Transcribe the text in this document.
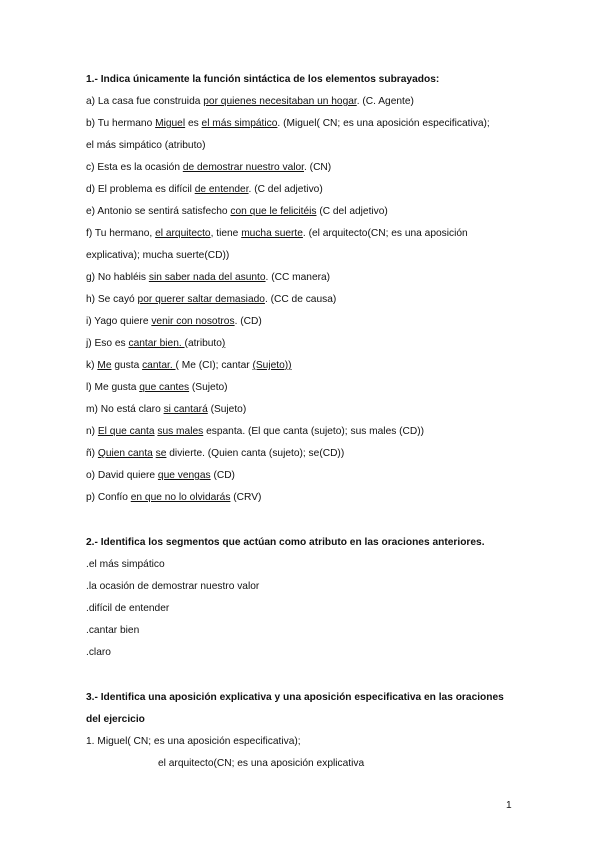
1.- Indica únicamente la función sintáctica de los elementos subrayados:
a) La casa fue construida por quienes necesitaban un hogar. (C. Agente)
b) Tu hermano Miguel es el más simpático. (Miguel( CN; es una aposición especificativa);
el más simpático (atributo)
c) Esta es la ocasión de demostrar nuestro valor. (CN)
d) El problema es difícil de entender. (C del adjetivo)
e) Antonio se sentirá satisfecho con que le felicitéis (C del adjetivo)
f) Tu hermano, el arquitecto, tiene mucha suerte. (el arquitecto(CN; es una aposición
explicativa); mucha suerte(CD))
g) No habléis sin saber nada del asunto. (CC manera)
h) Se cayó por querer saltar demasiado. (CC de causa)
i) Yago quiere venir con nosotros. (CD)
j) Eso es cantar bien. (atributo)
k) Me gusta cantar. ( Me (CI); cantar (Sujeto))
l) Me gusta que cantes (Sujeto)
m) No está claro si cantará (Sujeto)
n) El que canta sus males espanta. (El que canta (sujeto); sus males (CD))
ñ) Quien canta se divierte. (Quien canta (sujeto); se(CD))
o) David quiere que vengas (CD)
p) Confío en que no lo olvidarás (CRV)
2.- Identifica los segmentos que actúan como atributo en las oraciones anteriores.
.el más simpático
.la ocasión de demostrar nuestro valor
.difícil de entender
.cantar bien
.claro
3.- Identifica una aposición explicativa y una aposición especificativa en las oraciones
del ejercicio
1. Miguel( CN; es una aposición especificativa);
el arquitecto(CN; es una aposición explicativa
1
